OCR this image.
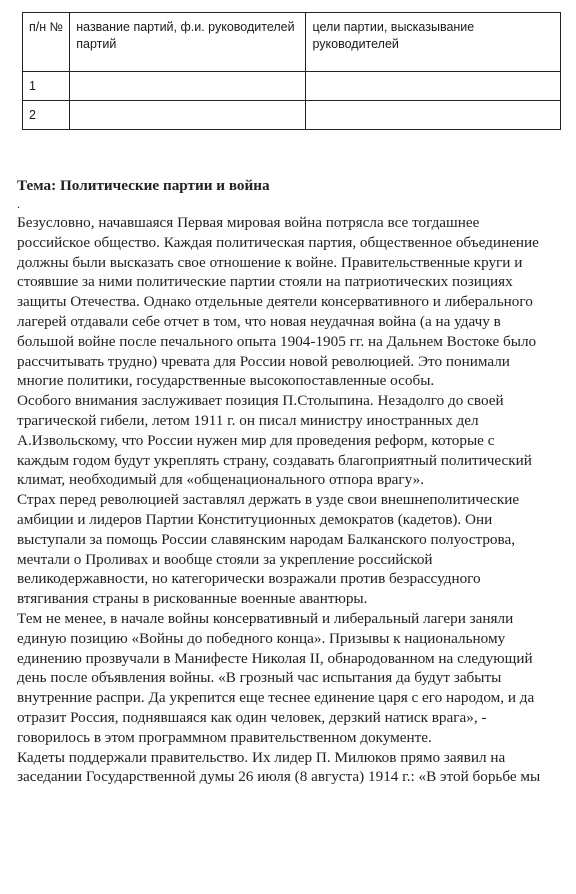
п/н №	название партий, ф.и. руководителей партий	цели партии, высказывание руководителей
1		
2		

Тема: Политические партии и война

.

Безусловно, начавшаяся Первая мировая война потрясла все тогдашнее
российское общество. Каждая политическая партия, общественное объединение
должны были высказать свое отношение к войне. Правительственные круги и
стоявшие за ними политические партии стояли на патриотических позициях
защиты Отечества. Однако отдельные деятели консервативного и либерального
лагерей отдавали себе отчет в том, что новая неудачная война (а на удачу в
большой войне после печального опыта 1904-1905 гг. на Дальнем Востоке было
рассчитывать трудно) чревата для России новой революцией. Это понимали
многие политики, государственные высокопоставленные особы.

Особого внимания заслуживает позиция П.Столыпина. Незадолго до своей
трагической гибели, летом 1911 г. он писал министру иностранных дел
А.Извольскому, что России нужен мир для проведения реформ, которые с
каждым годом будут укреплять страну, создавать благоприятный политический
климат, необходимый для «общенационального отпора врагу».

Страх перед революцией заставлял держать в узде свои внешнеполитические
амбиции и лидеров Партии Конституционных демократов (кадетов). Они
выступали за помощь России славянским народам Балканского полуострова,
мечтали о Проливах и вообще стояли за укрепление российской
великодержавности, но категорически возражали против безрассудного
втягивания страны в рискованные военные авантюры.

Тем не менее, в начале войны консервативный и либеральный лагери заняли
единую позицию «Войны до победного конца». Призывы к национальному
единению прозвучали в Манифесте Николая II, обнародованном на следующий
день после объявления войны. «В грозный час испытания да будут забыты
внутренние распри. Да укрепится еще теснее единение царя с его народом, и да
отразит Россия, поднявшаяся как один человек, дерзкий натиск врага», -
говорилось в этом программном правительственном документе.

Кадеты поддержали правительство. Их лидер П. Милюков прямо заявил на
заседании Государственной думы 26 июля (8 августа) 1914 г.: «В этой борьбе мы
